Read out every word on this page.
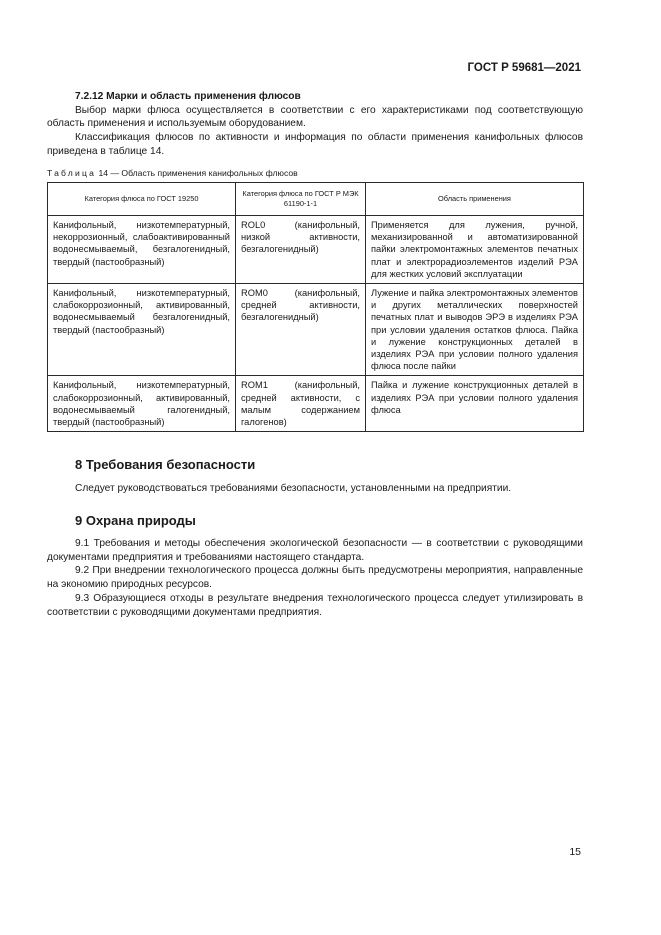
ГОСТ Р 59681—2021
7.2.12 Марки и область применения флюсов
Выбор марки флюса осуществляется в соответствии с его характеристиками под соответствующую область применения и используемым оборудованием.
Классификация флюсов по активности и информация по области применения канифольных флюсов приведена в таблице 14.
Таблица 14 — Область применения канифольных флюсов
Категория флюса по ГОСТ 19250	Категория флюса по ГОСТ Р МЭК 61190-1-1	Область применения
Канифольный, низкотемпературный, некоррозионный, слабоактивированный водонесмываемый, безгалогенидный, твердый (пастообразный)	ROL0 (канифольный, низкой активности, безгалогенидный)	Применяется для лужения, ручной, механизированной и автоматизированной пайки электромонтажных элементов печатных плат и электрорадиоэлементов изделий РЭА для жестких условий эксплуатации
Канифольный, низкотемпературный, слабокоррозионный, активированный, водонесмываемый безгалогенидный, твердый (пастообразный)	ROM0 (канифольный, средней активности, безгалогенидный)	Лужение и пайка электромонтажных элементов и других металлических поверхностей печатных плат и выводов ЭРЭ в изделиях РЭА при условии удаления остатков флюса. Пайка и лужение конструкционных деталей в изделиях РЭА при условии полного удаления флюса после пайки
Канифольный, низкотемпературный, слабокоррозионный, активированный, водонесмываемый галогенидный, твердый (пастообразный)	ROM1 (канифольный, средней активности, с малым содержанием галогенов)	Пайка и лужение конструкционных деталей в изделиях РЭА при условии полного удаления флюса
8 Требования безопасности
Следует руководствоваться требованиями безопасности, установленными на предприятии.
9 Охрана природы
9.1 Требования и методы обеспечения экологической безопасности — в соответствии с руководящими документами предприятия и требованиями настоящего стандарта.
9.2 При внедрении технологического процесса должны быть предусмотрены мероприятия, направленные на экономию природных ресурсов.
9.3 Образующиеся отходы в результате внедрения технологического процесса следует утилизировать в соответствии с руководящими документами предприятия.
15
